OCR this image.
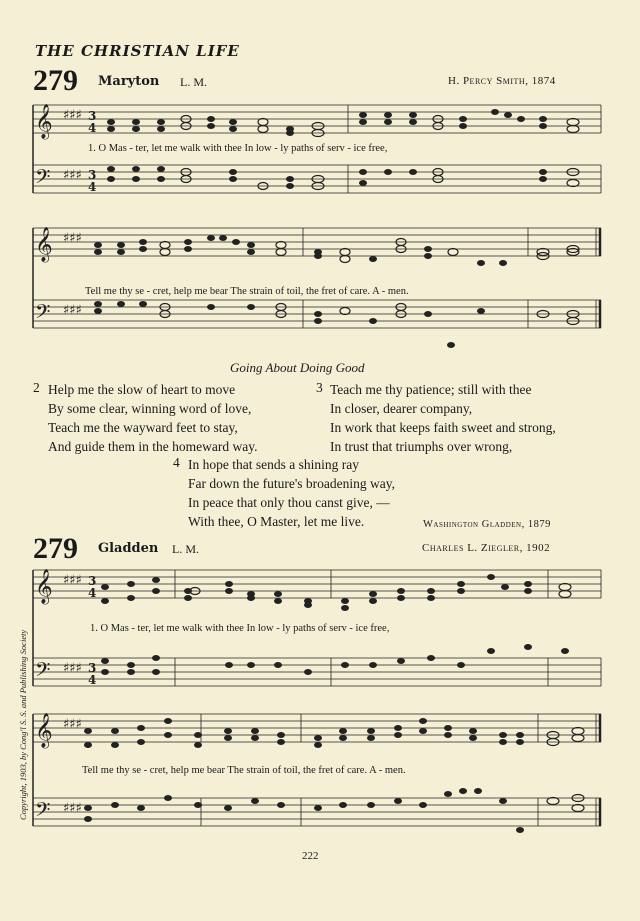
THE CHRISTIAN LIFE
279 Maryton L. M.	H. Percy Smith, 1874
𝄞
𝄢
♯♯♯
♯♯♯
3
4
3
4
1. O Mas - ter, let me walk with thee In low - ly paths of serv - ice free,
𝄞
𝄢
♯♯♯
♯♯♯
Tell me thy se - cret, help me bear The strain of toil, the fret of care. A - men.
Going About Doing Good
2 Help me the slow of heart to move
By some clear, winning word of love,
Teach me the wayward feet to stay,
And guide them in the homeward way.
3 Teach me thy patience; still with thee
In closer, dearer company,
In work that keeps faith sweet and strong,
In trust that triumphs over wrong,
4 In hope that sends a shining ray
Far down the future's broadening way,
In peace that only thou canst give, —
With thee, O Master, let me live.	Washington Gladden, 1879
279 Gladden L. M.	Charles L. Ziegler, 1902
𝄞
𝄢
♯♯♯
♯♯♯
3
4
3
4
1. O Mas - ter, let me walk with thee In low - ly paths of serv - ice free,
𝄞
𝄢
♯♯♯
♯♯♯
Tell me thy se - cret, help me bear The strain of toil, the fret of care. A - men.
Copyright, 1903, by Cong'l S. S. and Publishing Society
222
